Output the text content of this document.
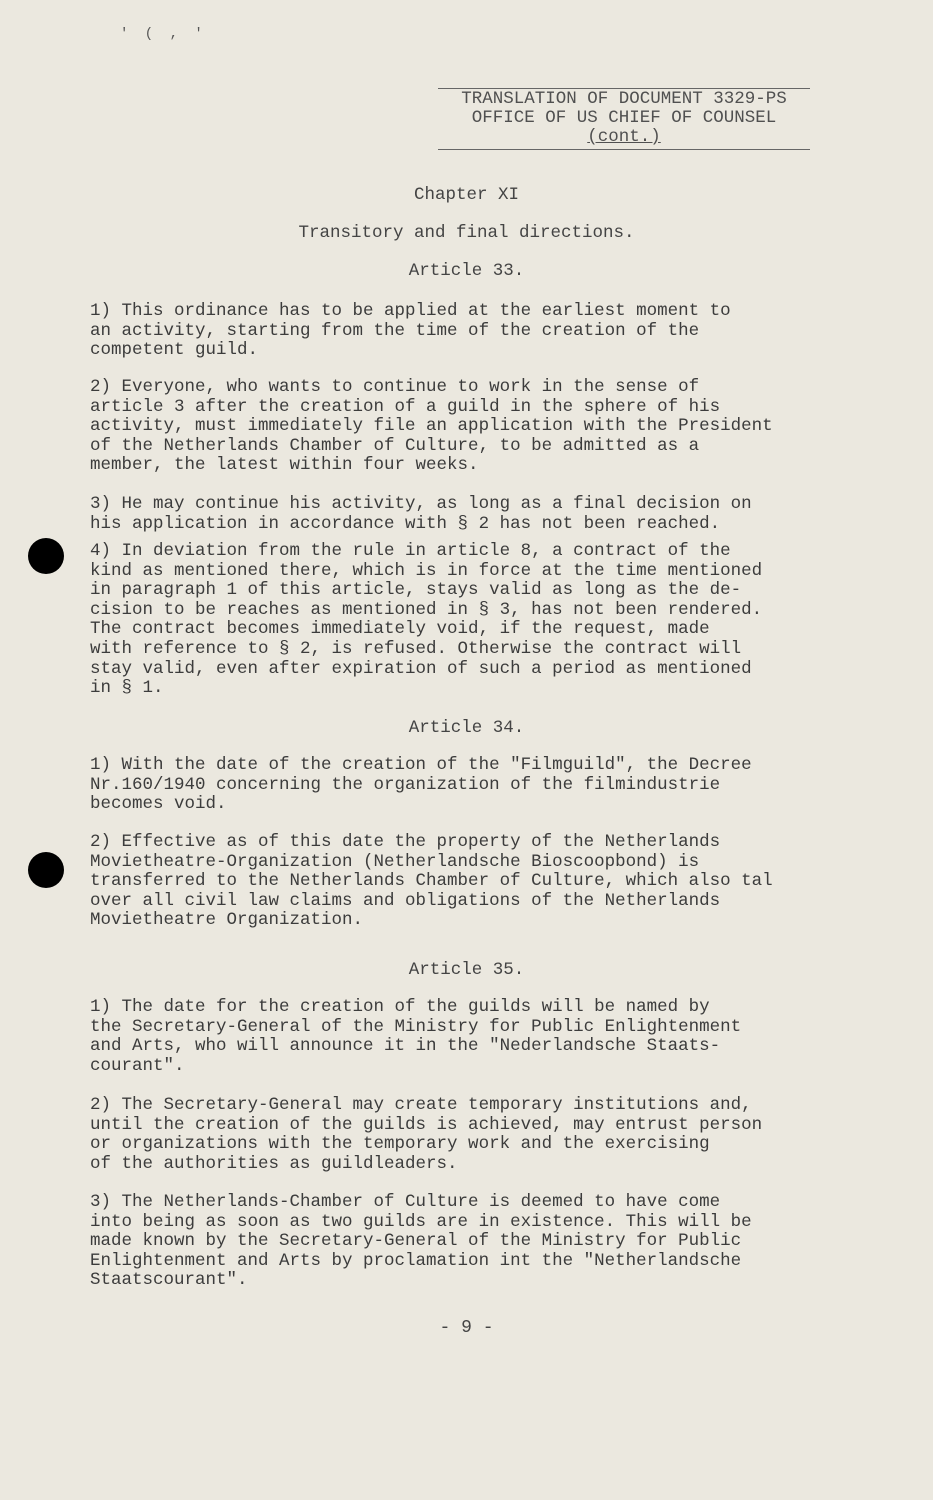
' ( , '
TRANSLATION OF DOCUMENT 3329-PS
OFFICE OF US CHIEF OF COUNSEL
(cont.)
Chapter XI
Transitory and final directions.
Article 33.
1) This ordinance has to be applied at the earliest moment to
an activity, starting from the time of the creation of the
competent guild.
2) Everyone, who wants to continue to work in the sense of
article 3 after the creation of a guild in the sphere of his
activity, must immediately file an application with the President
of the Netherlands Chamber of Culture, to be admitted as a
member, the latest within four weeks.
3) He may continue his activity, as long as a final decision on
his application in accordance with § 2 has not been reached.
4) In deviation from the rule in article 8, a contract of the
kind as mentioned there, which is in force at the time mentioned
in paragraph 1 of this article, stays valid as long as the de-
cision to be reaches as mentioned in § 3, has not been rendered.
The contract becomes immediately void, if the request, made
with reference to § 2, is refused. Otherwise the contract will
stay valid, even after expiration of such a period as mentioned
in § 1.
Article 34.
1) With the date of the creation of the "Filmguild", the Decree
Nr.160/1940 concerning the organization of the filmindustrie
becomes void.
2) Effective as of this date the property of the Netherlands
Movietheatre-Organization (Netherlandsche Bioscoopbond) is
transferred to the Netherlands Chamber of Culture, which also tal
over all civil law claims and obligations of the Netherlands
Movietheatre Organization.
Article 35.
1) The date for the creation of the guilds will be named by
the Secretary-General of the Ministry for Public Enlightenment
and Arts, who will announce it in the "Nederlandsche Staats-
courant".
2) The Secretary-General may create temporary institutions and,
until the creation of the guilds is achieved, may entrust person
or organizations with the temporary work and the exercising
of the authorities as guildleaders.
3) The Netherlands-Chamber of Culture is deemed to have come
into being as soon as two guilds are in existence. This will be
made known by the Secretary-General of the Ministry for Public
Enlightenment and Arts by proclamation int the "Netherlandsche
Staatscourant".
- 9 -
